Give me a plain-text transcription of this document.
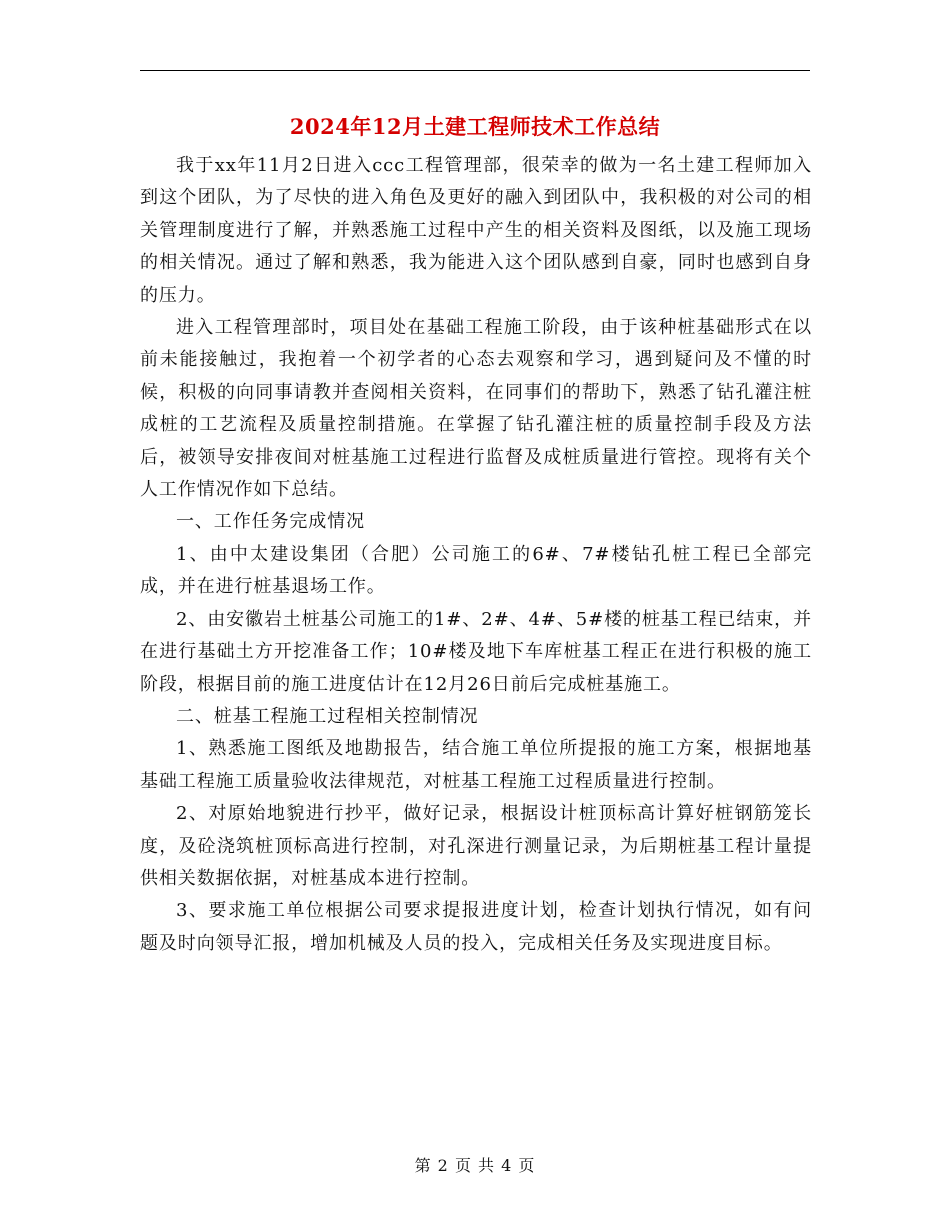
2024年12月土建工程师技术工作总结

我于xx年11月2日进入ccc工程管理部，很荣幸的做为一名土建工程师加入到这个团队，为了尽快的进入角色及更好的融入到团队中，我积极的对公司的相关管理制度进行了解，并熟悉施工过程中产生的相关资料及图纸，以及施工现场的相关情况。通过了解和熟悉，我为能进入这个团队感到自豪，同时也感到自身的压力。

进入工程管理部时，项目处在基础工程施工阶段，由于该种桩基础形式在以前未能接触过，我抱着一个初学者的心态去观察和学习，遇到疑问及不懂的时候，积极的向同事请教并查阅相关资料，在同事们的帮助下，熟悉了钻孔灌注桩成桩的工艺流程及质量控制措施。在掌握了钻孔灌注桩的质量控制手段及方法后，被领导安排夜间对桩基施工过程进行监督及成桩质量进行管控。现将有关个人工作情况作如下总结。

一、工作任务完成情况

1、由中太建设集团（合肥）公司施工的6#、7#楼钻孔桩工程已全部完成，并在进行桩基退场工作。

2、由安徽岩土桩基公司施工的1#、2#、4#、5#楼的桩基工程已结束，并在进行基础土方开挖准备工作；10#楼及地下车库桩基工程正在进行积极的施工阶段，根据目前的施工进度估计在12月26日前后完成桩基施工。

二、桩基工程施工过程相关控制情况

1、熟悉施工图纸及地勘报告，结合施工单位所提报的施工方案，根据地基基础工程施工质量验收法律规范，对桩基工程施工过程质量进行控制。

2、对原始地貌进行抄平，做好记录，根据设计桩顶标高计算好桩钢筋笼长度，及砼浇筑桩顶标高进行控制，对孔深进行测量记录，为后期桩基工程计量提供相关数据依据，对桩基成本进行控制。

3、要求施工单位根据公司要求提报进度计划，检查计划执行情况，如有问题及时向领导汇报，增加机械及人员的投入，完成相关任务及实现进度目标。

第 2 页 共 4 页
